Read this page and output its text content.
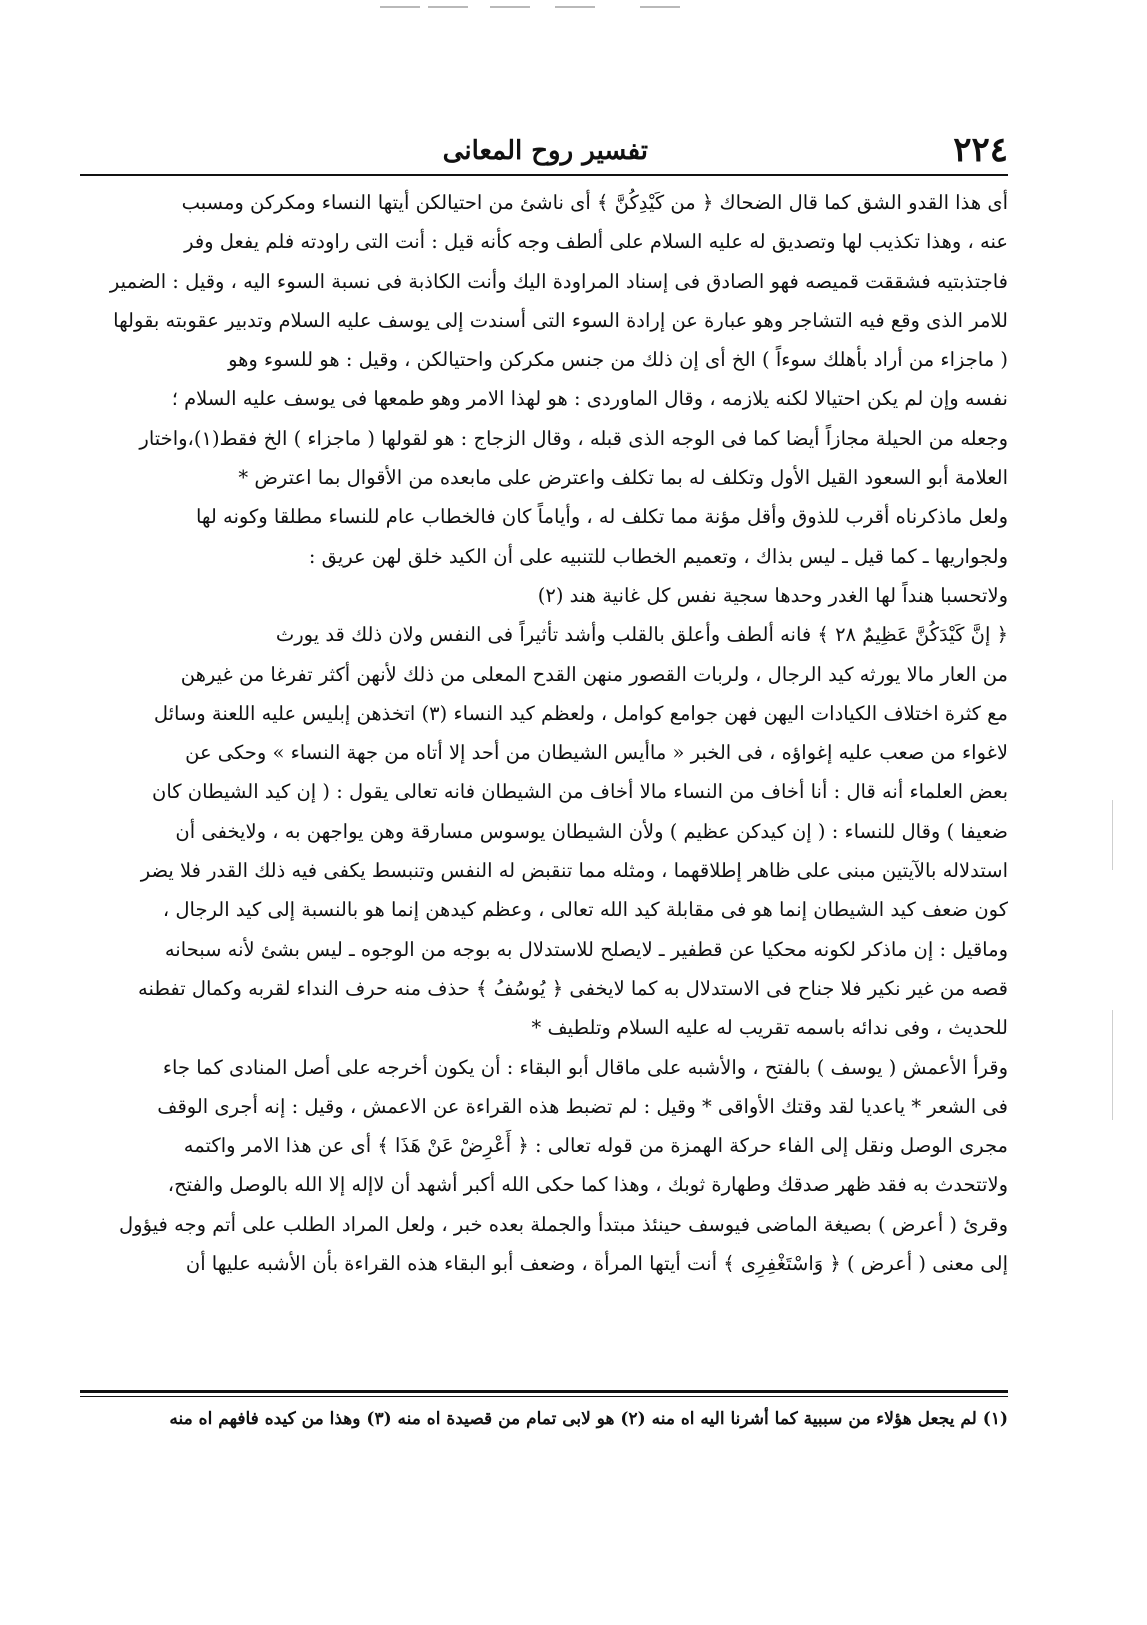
٢٢٤
تفسير روح المعانى
أى هذا القدو الشق كما قال الضحاك ﴿ من كَيْدِكُنَّ ﴾ أى ناشئ من احتيالكن أيتها النساء ومكركن ومسبب
عنه ، وهذا تكذيب لها وتصديق له عليه السلام على ألطف وجه كأنه قيل : أنت التى راودته فلم يفعل وفر
فاجتذبتيه فشققت قميصه فهو الصادق فى إسناد المراودة اليك وأنت الكاذبة فى نسبة السوء اليه ، وقيل : الضمير
للامر الذى وقع فيه التشاجر وهو عبارة عن إرادة السوء التى أسندت إلى يوسف عليه السلام وتدبير عقوبته بقولها
( ماجزاء من أراد بأهلك سوءاً ) الخ أى إن ذلك من جنس مكركن واحتيالكن ، وقيل : هو للسوء وهو
نفسه وإن لم يكن احتيالا لكنه يلازمه ، وقال الماوردى : هو لهذا الامر وهو طمعها فى يوسف عليه السلام ؛
وجعله من الحيلة مجازاً أيضا كما فى الوجه الذى قبله ، وقال الزجاج : هو لقولها ( ماجزاء ) الخ فقط(١)،واختار
العلامة أبو السعود القيل الأول وتكلف له بما تكلف واعترض على مابعده من الأقوال بما اعترض *
ولعل ماذكرناه أقرب للذوق وأقل مؤنة مما تكلف له ، وأياماً كان فالخطاب عام للنساء مطلقا وكونه لها
ولجواريها ـ كما قيل ـ ليس بذاك ، وتعميم الخطاب للتنبيه على أن الكيد خلق لهن عريق :
ولاتحسبا هنداً لها الغدر وحدها سجية نفس كل غانية هند (٢)
﴿ إنَّ كَيْدَكُنَّ عَظِيمٌ ٢٨ ﴾ فانه ألطف وأعلق بالقلب وأشد تأثيراً فى النفس ولان ذلك قد يورث
من العار مالا يورثه كيد الرجال ، ولربات القصور منهن القدح المعلى من ذلك لأنهن أكثر تفرغا من غيرهن
مع كثرة اختلاف الكيادات اليهن فهن جوامع كوامل ، ولعظم كيد النساء (٣) اتخذهن إبليس عليه اللعنة وسائل
لاغواء من صعب عليه إغواؤه ، فى الخبر « ماأيس الشيطان من أحد إلا أتاه من جهة النساء » وحكى عن
بعض العلماء أنه قال : أنا أخاف من النساء مالا أخاف من الشيطان فانه تعالى يقول : ( إن كيد الشيطان كان
ضعيفا ) وقال للنساء : ( إن كيدكن عظيم ) ولأن الشيطان يوسوس مسارقة وهن يواجهن به ، ولايخفى أن
استدلاله بالآيتين مبنى على ظاهر إطلاقهما ، ومثله مما تنقبض له النفس وتنبسط يكفى فيه ذلك القدر فلا يضر
كون ضعف كيد الشيطان إنما هو فى مقابلة كيد الله تعالى ، وعظم كيدهن إنما هو بالنسبة إلى كيد الرجال ،
وماقيل : إن ماذكر لكونه محكيا عن قطفير ـ لايصلح للاستدلال به بوجه من الوجوه ـ ليس بشئ لأنه سبحانه
قصه من غير نكير فلا جناح فى الاستدلال به كما لايخفى ﴿ يُوسُفُ ﴾ حذف منه حرف النداء لقربه وكمال تفطنه
للحديث ، وفى ندائه باسمه تقريب له عليه السلام وتلطيف *
وقرأ الأعمش ( يوسف ) بالفتح ، والأشبه على ماقال أبو البقاء : أن يكون أخرجه على أصل المنادى كما جاء
فى الشعر * ياعديا لقد وقتك الأواقى * وقيل : لم تضبط هذه القراءة عن الاعمش ، وقيل : إنه أجرى الوقف
مجرى الوصل ونقل إلى الفاء حركة الهمزة من قوله تعالى : ﴿ أَعْرِضْ عَنْ هَذَا ﴾ أى عن هذا الامر واكتمه
ولاتتحدث به فقد ظهر صدقك وطهارة ثوبك ، وهذا كما حكى الله أكبر أشهد أن لاإله إلا الله بالوصل والفتح،
وقرئ ( أعرض ) بصيغة الماضى فيوسف حينئذ مبتدأ والجملة بعده خبر ، ولعل المراد الطلب على أتم وجه فيؤول
إلى معنى ( أعرض ) ﴿ وَاسْتَغْفِرِى ﴾ أنت أيتها المرأة ، وضعف أبو البقاء هذه القراءة بأن الأشبه عليها أن
(١) لم يجعل هؤلاء من سببية كما أشرنا اليه اه منه (٢) هو لابى تمام من قصيدة اه منه (٣) وهذا من كيده فافهم اه منه
